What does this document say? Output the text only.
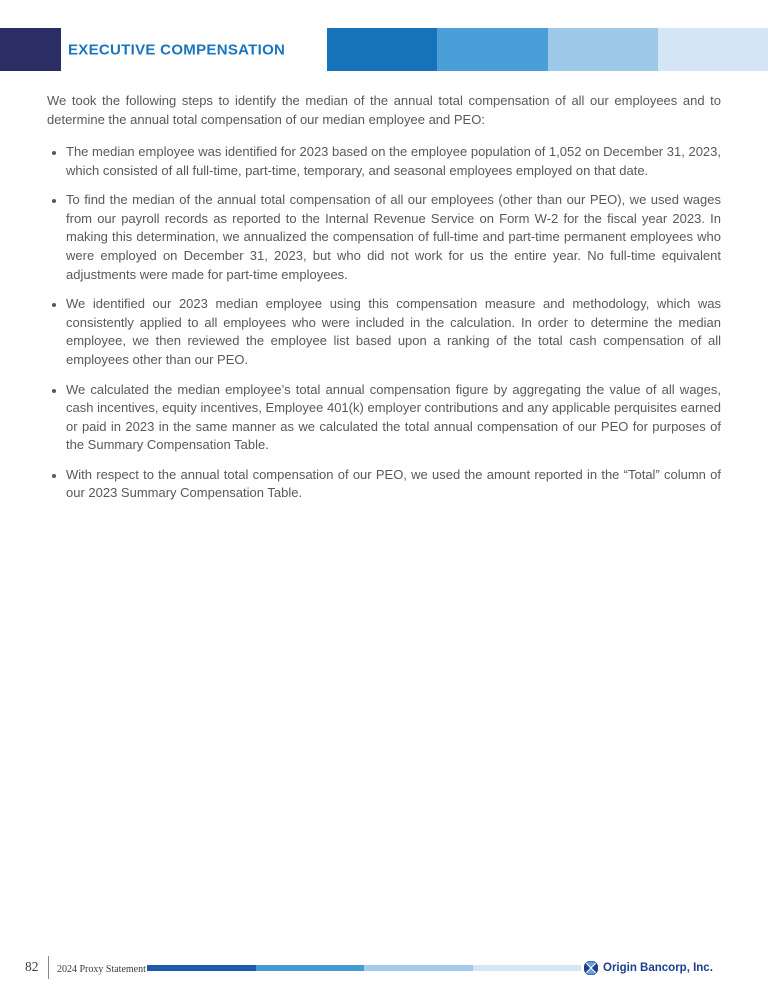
EXECUTIVE COMPENSATION

We took the following steps to identify the median of the annual total compensation of all our employees and to determine the annual total compensation of our median employee and PEO:

The median employee was identified for 2023 based on the employee population of 1,052 on December 31, 2023, which consisted of all full-time, part-time, temporary, and seasonal employees employed on that date.
To find the median of the annual total compensation of all our employees (other than our PEO), we used wages from our payroll records as reported to the Internal Revenue Service on Form W-2 for the fiscal year 2023. In making this determination, we annualized the compensation of full-time and part-time permanent employees who were employed on December 31, 2023, but who did not work for us the entire year. No full-time equivalent adjustments were made for part-time employees.
We identified our 2023 median employee using this compensation measure and methodology, which was consistently applied to all employees who were included in the calculation. In order to determine the median employee, we then reviewed the employee list based upon a ranking of the total cash compensation of all employees other than our PEO.
We calculated the median employee’s total annual compensation figure by aggregating the value of all wages, cash incentives, equity incentives, Employee 401(k) employer contributions and any applicable perquisites earned or paid in 2023 in the same manner as we calculated the total annual compensation of our PEO for purposes of the Summary Compensation Table.
With respect to the annual total compensation of our PEO, we used the amount reported in the “Total” column of our 2023 Summary Compensation Table.
82 2024 Proxy Statement	Origin Bancorp, Inc.
